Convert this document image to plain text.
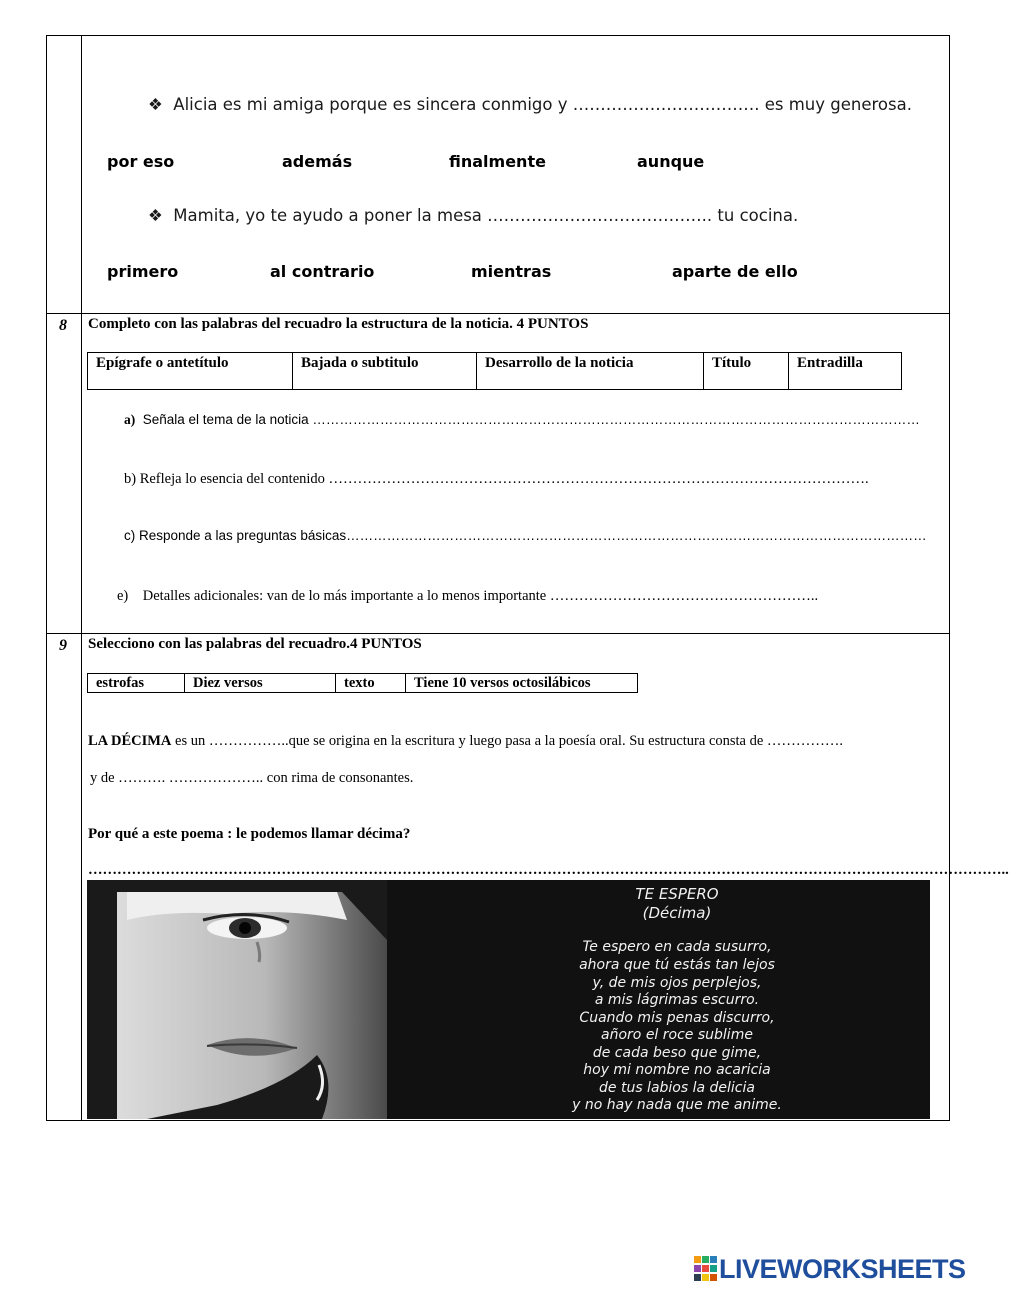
❖ Alicia es mi amiga porque es sincera conmigo y ……………………………. es muy generosa.
por eso	además	finalmente	aunque
❖ Mamita, yo te ayudo a poner la mesa ………………………………….. tu cocina.
primero	al contrario	mientras	aparte de ello
8 Completo con las palabras del recuadro la estructura de la noticia. 4 PUNTOS
Epígrafe o antetítulo	Bajada o subtitulo	Desarrollo de la noticia	Título	Entradilla
a) Señala el tema de la noticia ………………………………………………………………………………………………………………………
b) Refleja lo esencia del contenido ………………………………………………………………………………………………….
c) Responde a las preguntas básicas…………………………………………………………………………………………………………………
e) Detalles adicionales: van de lo más importante a lo menos importante ………………………………………………..
9 Selecciono con las palabras del recuadro.4 PUNTOS
estrofas	Diez versos	texto	Tiene 10 versos octosilábicos
LA DÉCIMA es un ……………..que se origina en la escritura y luego pasa a la poesía oral. Su estructura consta de …………….
y de ………. ……………….. con rima de consonantes.
Por qué a este poema : le podemos llamar décima?
………………………………………………………………………………………………………………………………………………………………………..
TE ESPERO
(Décima)
Te espero en cada susurro,
ahora que tú estás tan lejos
y, de mis ojos perplejos,
a mis lágrimas escurro.
Cuando mis penas discurro,
añoro el roce sublime
de cada beso que gime,
hoy mi nombre no acaricia
de tus labios la delicia
y no hay nada que me anime.
LIVEWORKSHEETS
